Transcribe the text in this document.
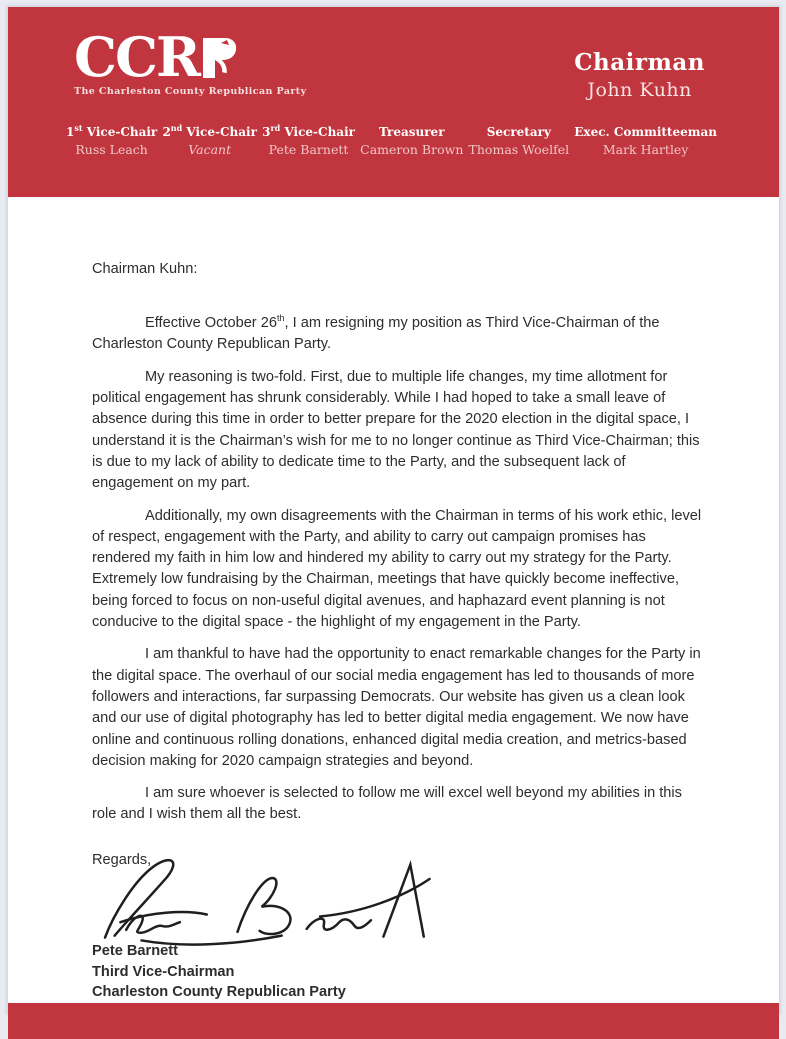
CCR
The Charleston County Republican Party
Chairman
John Kuhn
1st Vice-Chair
Russ Leach
2nd Vice-Chair
Vacant
3rd Vice-Chair
Pete Barnett
Treasurer
Cameron Brown
Secretary
Thomas Woelfel
Exec. Committeeman
Mark Hartley

Chairman Kuhn:

Effective October 26th, I am resigning my position as Third Vice-Chairman of the Charleston County Republican Party.

My reasoning is two-fold. First, due to multiple life changes, my time allotment for political engagement has shrunk considerably. While I had hoped to take a small leave of absence during this time in order to better prepare for the 2020 election in the digital space, I understand it is the Chairman’s wish for me to no longer continue as Third Vice-Chairman; this is due to my lack of ability to dedicate time to the Party, and the subsequent lack of engagement on my part.

Additionally, my own disagreements with the Chairman in terms of his work ethic, level of respect, engagement with the Party, and ability to carry out campaign promises has rendered my faith in him low and hindered my ability to carry out my strategy for the Party. Extremely low fundraising by the Chairman, meetings that have quickly become ineffective, being forced to focus on non-useful digital avenues, and haphazard event planning is not conducive to the digital space - the highlight of my engagement in the Party.

I am thankful to have had the opportunity to enact remarkable changes for the Party in the digital space. The overhaul of our social media engagement has led to thousands of more followers and interactions, far surpassing Democrats. Our website has given us a clean look and our use of digital photography has led to better digital media engagement. We now have online and continuous rolling donations, enhanced digital media creation, and metrics-based decision making for 2020 campaign strategies and beyond.

I am sure whoever is selected to follow me will excel well beyond my abilities in this role and I wish them all the best.

Regards,

Pete Barnett
Third Vice-Chairman
Charleston County Republican Party
